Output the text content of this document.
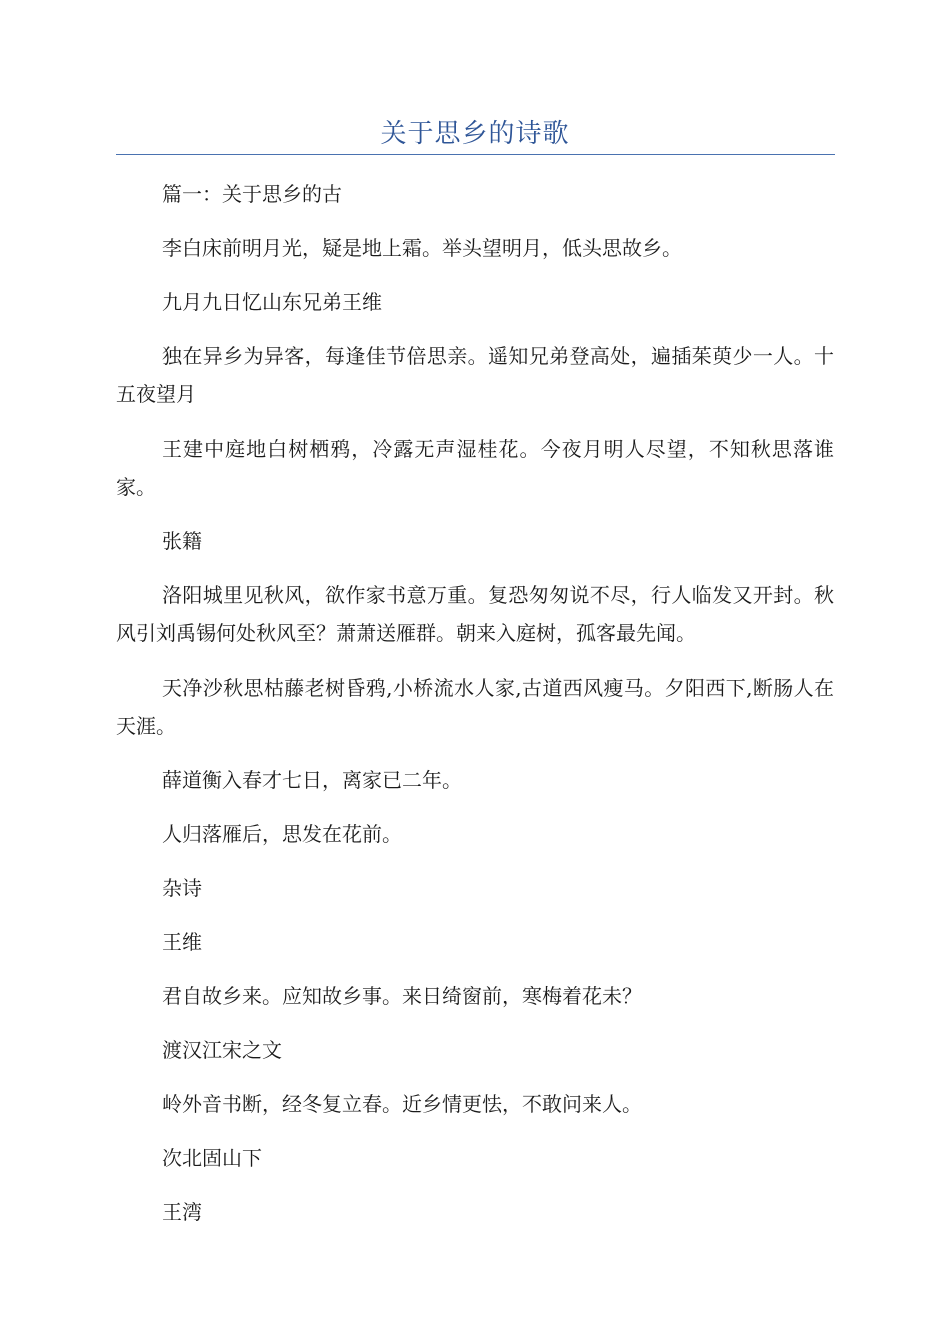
关于思乡的诗歌

篇一：关于思乡的古

李白床前明月光，疑是地上霜。举头望明月，低头思故乡。

九月九日忆山东兄弟王维

独在异乡为异客，每逢佳节倍思亲。遥知兄弟登高处，遍插茱萸少一人。十五夜望月

王建中庭地白树栖鸦，冷露无声湿桂花。今夜月明人尽望，不知秋思落谁家。

张籍

洛阳城里见秋风，欲作家书意万重。复恐匆匆说不尽，行人临发又开封。秋风引刘禹锡何处秋风至？萧萧送雁群。朝来入庭树，孤客最先闻。

天净沙秋思枯藤老树昏鸦,小桥流水人家,古道西风瘦马。夕阳西下,断肠人在天涯。

薛道衡入春才七日，离家已二年。

人归落雁后，思发在花前。

杂诗

王维

君自故乡来。应知故乡事。来日绮窗前，寒梅着花未？

渡汉江宋之文

岭外音书断，经冬复立春。近乡情更怯，不敢问来人。

次北固山下

王湾
